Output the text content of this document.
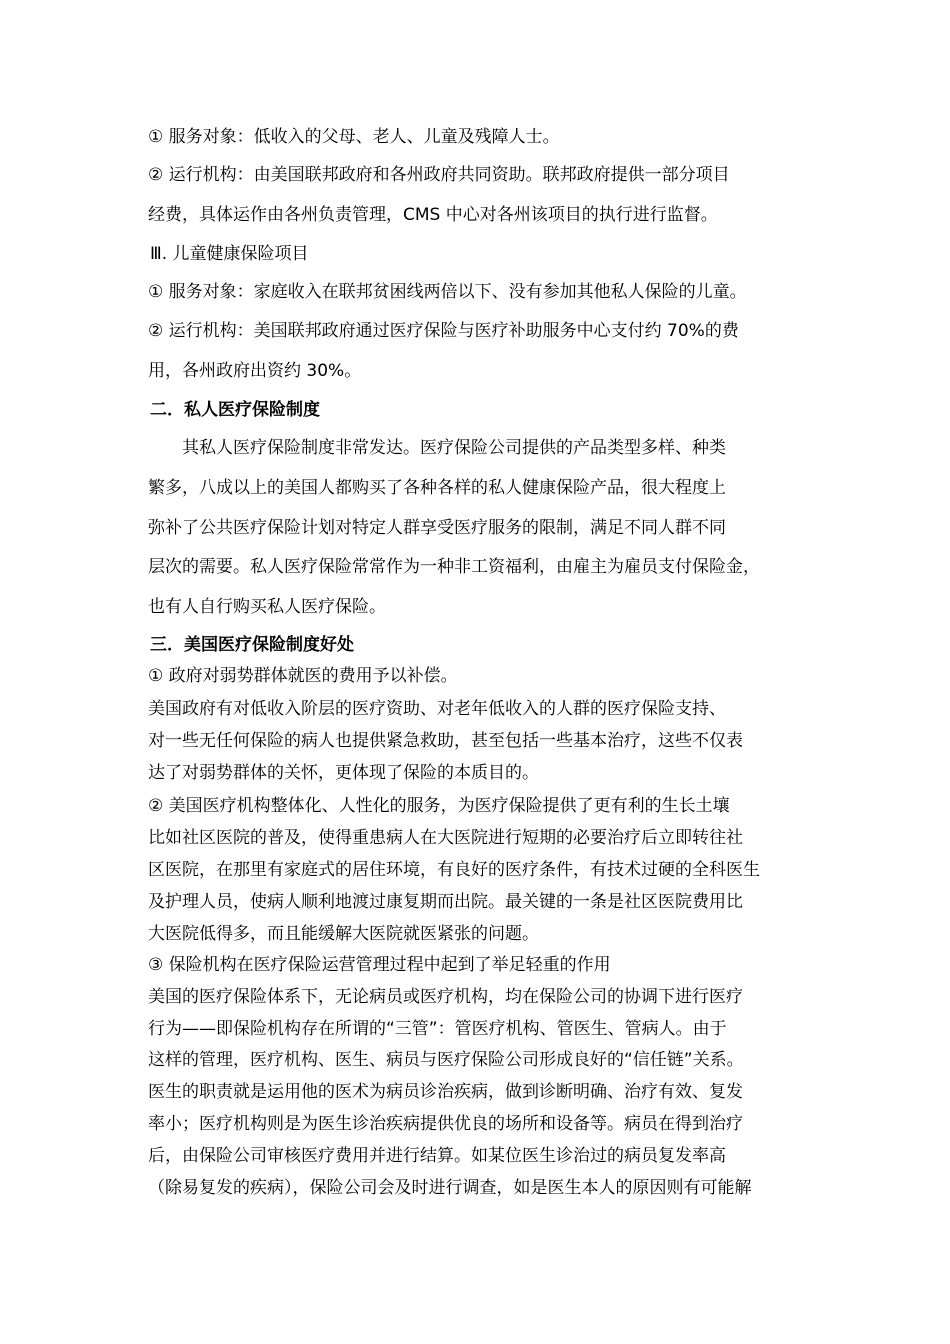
① 服务对象：低收入的父母、老人、儿童及残障人士。

② 运行机构：由美国联邦政府和各州政府共同资助。联邦政府提供一部分项目

经费，具体运作由各州负责管理，CMS 中心对各州该项目的执行进行监督。

Ⅲ. 儿童健康保险项目

① 服务对象：家庭收入在联邦贫困线两倍以下、没有参加其他私人保险的儿童。

② 运行机构：美国联邦政府通过医疗保险与医疗补助服务中心支付约 70%的费

用，各州政府出资约 30%。

二．私人医疗保险制度

其私人医疗保险制度非常发达。医疗保险公司提供的产品类型多样、种类

繁多，八成以上的美国人都购买了各种各样的私人健康保险产品，很大程度上

弥补了公共医疗保险计划对特定人群享受医疗服务的限制，满足不同人群不同

层次的需要。私人医疗保险常常作为一种非工资福利，由雇主为雇员支付保险金，

也有人自行购买私人医疗保险。

三．美国医疗保险制度好处

① 政府对弱势群体就医的费用予以补偿。

美国政府有对低收入阶层的医疗资助、对老年低收入的人群的医疗保险支持、

对一些无任何保险的病人也提供紧急救助，甚至包括一些基本治疗，这些不仅表

达了对弱势群体的关怀，更体现了保险的本质目的。

② 美国医疗机构整体化、人性化的服务，为医疗保险提供了更有利的生长土壤

比如社区医院的普及，使得重患病人在大医院进行短期的必要治疗后立即转往社

区医院，在那里有家庭式的居住环境，有良好的医疗条件，有技术过硬的全科医生

及护理人员，使病人顺利地渡过康复期而出院。最关键的一条是社区医院费用比

大医院低得多，而且能缓解大医院就医紧张的问题。

③ 保险机构在医疗保险运营管理过程中起到了举足轻重的作用

美国的医疗保险体系下，无论病员或医疗机构，均在保险公司的协调下进行医疗

行为——即保险机构存在所谓的“三管”：管医疗机构、管医生、管病人。由于

这样的管理，医疗机构、医生、病员与医疗保险公司形成良好的“信任链”关系。

医生的职责就是运用他的医术为病员诊治疾病，做到诊断明确、治疗有效、复发

率小；医疗机构则是为医生诊治疾病提供优良的场所和设备等。病员在得到治疗

后，由保险公司审核医疗费用并进行结算。如某位医生诊治过的病员复发率高

（除易复发的疾病），保险公司会及时进行调查，如是医生本人的原因则有可能解
